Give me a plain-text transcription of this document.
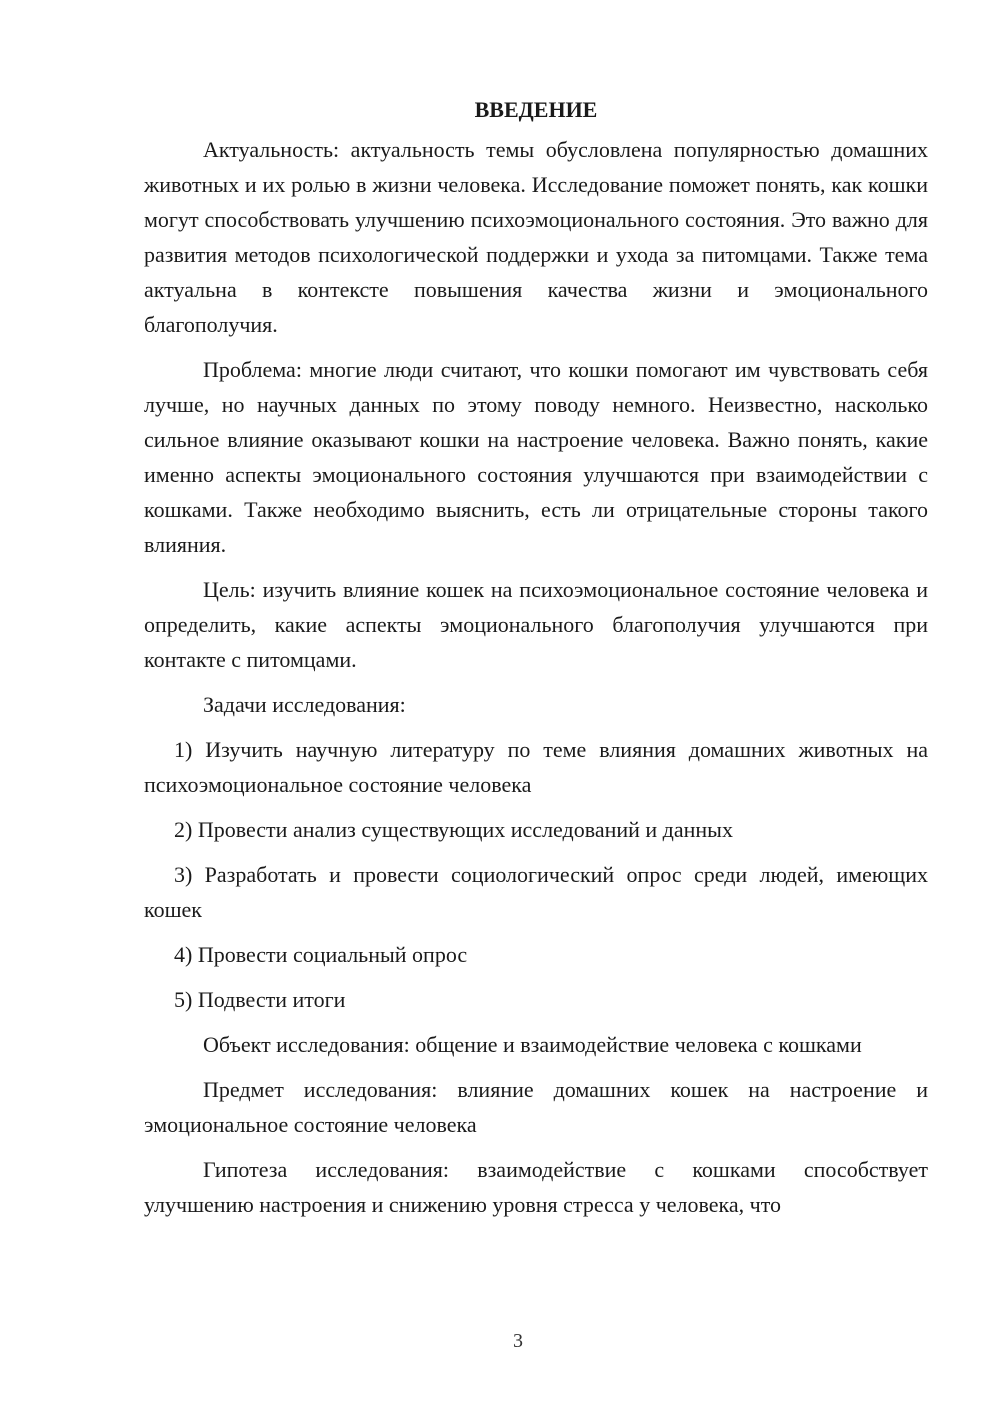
ВВЕДЕНИЕ

Актуальность: актуальность темы обусловлена популярностью домашних животных и их ролью в жизни человека. Исследование поможет понять, как кошки могут способствовать улучшению психоэмоционального состояния. Это важно для развития методов психологической поддержки и ухода за питомцами. Также тема актуальна в контексте повышения качества жизни и эмоционального благополучия.

Проблема: многие люди считают, что кошки помогают им чувствовать себя лучше, но научных данных по этому поводу немного. Неизвестно, насколько сильное влияние оказывают кошки на настроение человека. Важно понять, какие именно аспекты эмоционального состояния улучшаются при взаимодействии с кошками. Также необходимо выяснить, есть ли отрицательные стороны такого влияния.

Цель: изучить влияние кошек на психоэмоциональное состояние человека и определить, какие аспекты эмоционального благополучия улучшаются при контакте с питомцами.

Задачи исследования:

1) Изучить научную литературу по теме влияния домашних животных на психоэмоциональное состояние человека

2) Провести анализ существующих исследований и данных

3) Разработать и провести социологический опрос среди людей, имеющих кошек

4) Провести социальный опрос

5) Подвести итоги

Объект исследования: общение и взаимодействие человека с кошками

Предмет исследования: влияние домашних кошек на настроение и эмоциональное состояние человека

Гипотеза исследования: взаимодействие с кошками способствует улучшению настроения и снижению уровня стресса у человека, что

3
